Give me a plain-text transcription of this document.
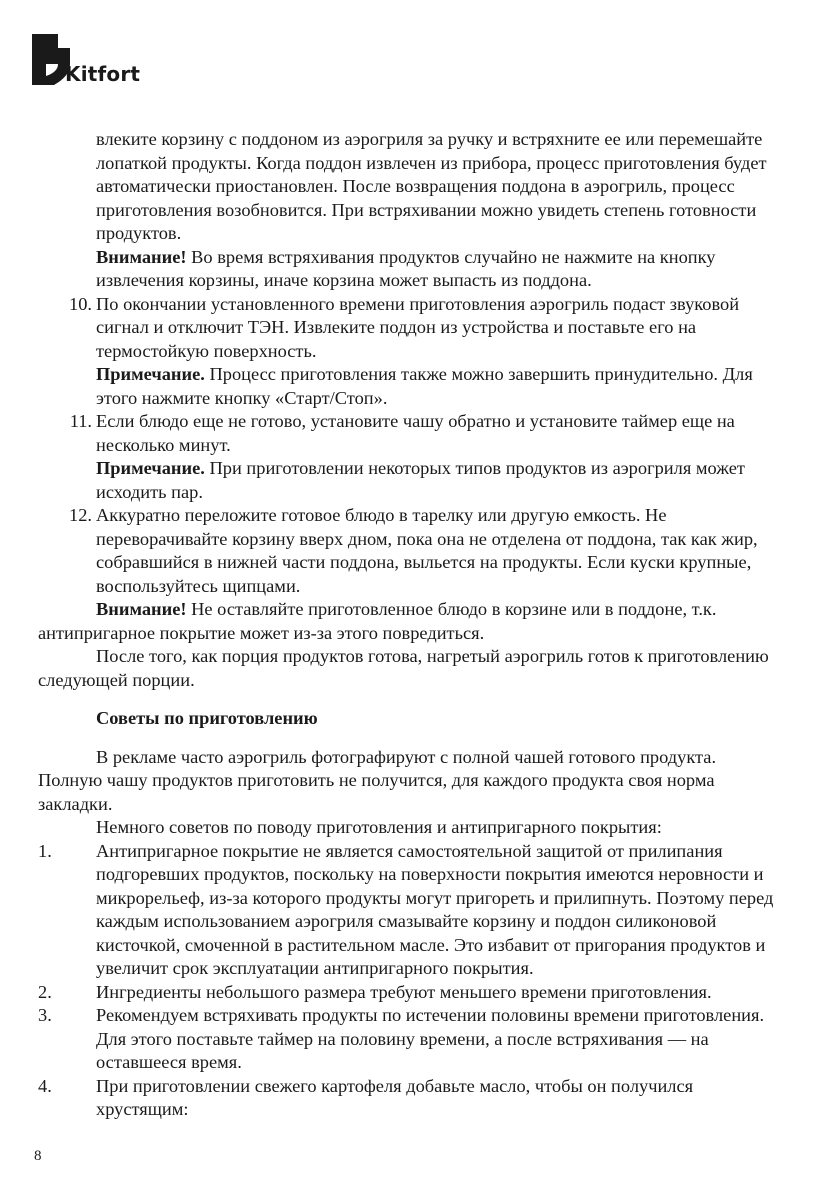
Kitfort

влеките корзину с поддоном из аэрогриля за ручку и встряхните ее или перемешайте лопаткой продукты. Когда поддон извлечен из прибора, процесс приготовления будет автоматически приостановлен. После возвращения поддона в аэрогриль, процесс приготовления возобновится. При встряхивании можно увидеть степень готовности продуктов.

Внимание! Во время встряхивания продуктов случайно не нажмите на кнопку извлечения корзины, иначе корзина может выпасть из поддона.

10. По окончании установленного времени приготовления аэрогриль подаст звуковой сигнал и отключит ТЭН. Извлеките поддон из устройства и поставьте его на термостойкую поверхность.

Примечание. Процесс приготовления также можно завершить принудительно. Для этого нажмите кнопку «Старт/Стоп».

11. Если блюдо еще не готово, установите чашу обратно и установите таймер еще на несколько минут.

Примечание. При приготовлении некоторых типов продуктов из аэрогриля может исходить пар.

12. Аккуратно переложите готовое блюдо в тарелку или другую емкость. Не переворачивайте корзину вверх дном, пока она не отделена от поддона, так как жир, собравшийся в нижней части поддона, выльется на продукты. Если куски крупные, воспользуйтесь щипцами.

Внимание! Не оставляйте приготовленное блюдо в корзине или в поддоне, т.к. антипригарное покрытие может из-за этого повредиться.

После того, как порция продуктов готова, нагретый аэрогриль готов к приготовлению следующей порции.

Советы по приготовлению

В рекламе часто аэрогриль фотографируют с полной чашей готового продукта. Полную чашу продуктов приготовить не получится, для каждого продукта своя норма закладки.

Немного советов по поводу приготовления и антипригарного покрытия:

1.	Антипригарное покрытие не является самостоятельной защитой от прилипания подгоревших продуктов, поскольку на поверхности покрытия имеются неровности и микрорельеф, из-за которого продукты могут пригореть и прилипнуть. Поэтому перед каждым использованием аэрогриля смазывайте корзину и поддон силиконовой кисточкой, смоченной в растительном масле. Это избавит от пригорания продуктов и увеличит срок эксплуатации антипригарного покрытия.

2.	Ингредиенты небольшого размера требуют меньшего времени приготовления.

3.	Рекомендуем встряхивать продукты по истечении половины времени приготовления. Для этого поставьте таймер на половину времени, а после встряхивания — на оставшееся время.

4.	При приготовлении свежего картофеля добавьте масло, чтобы он получился хрустящим:

8
